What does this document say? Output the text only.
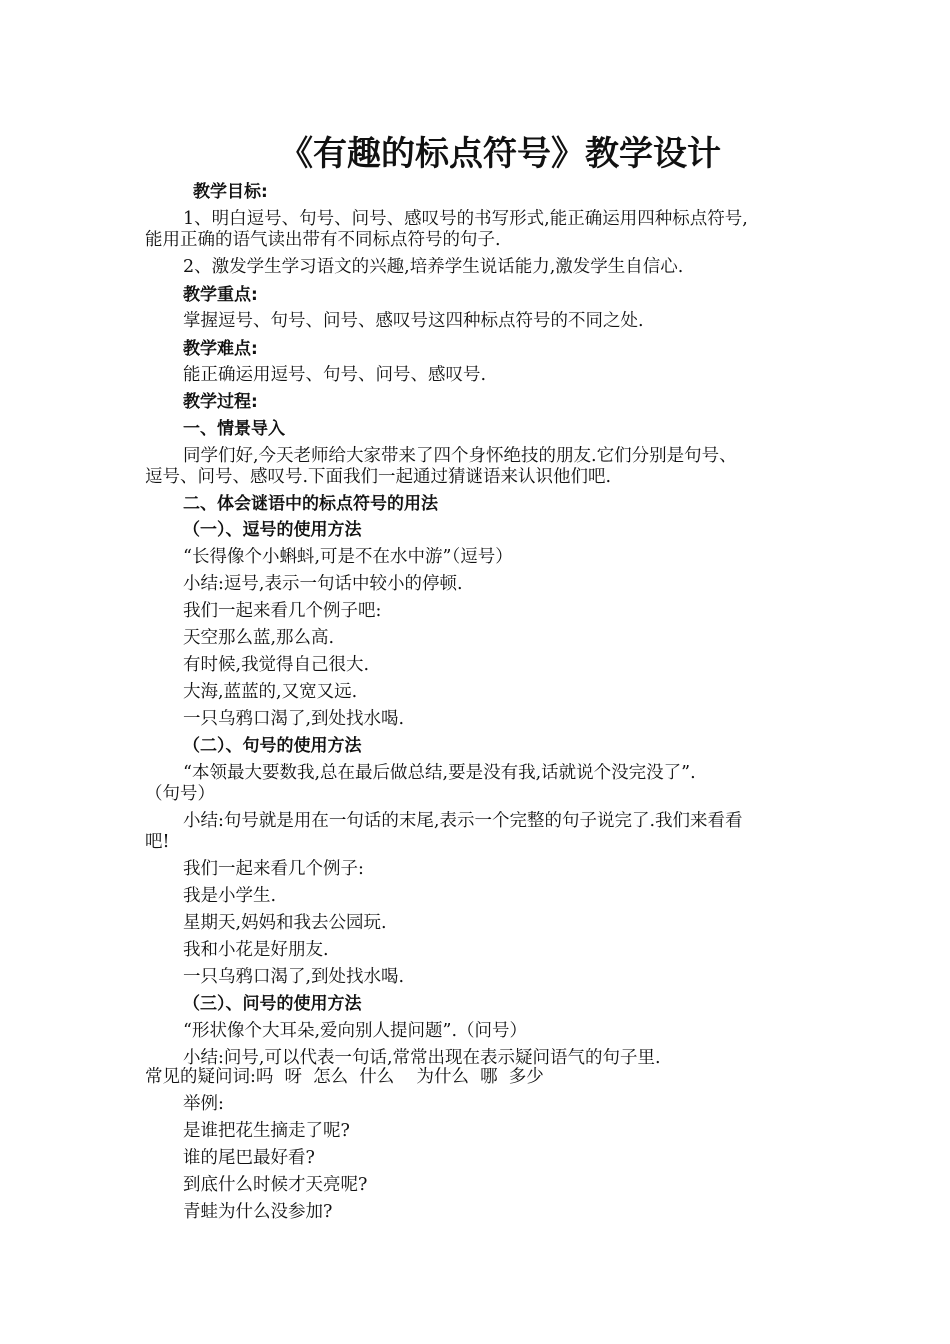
《有趣的标点符号》教学设计

教学目标:

1、明白逗号、句号、问号、感叹号的书写形式,能正确运用四种标点符号,

能用正确的语气读出带有不同标点符号的句子.

2、激发学生学习语文的兴趣,培养学生说话能力,激发学生自信心.

教学重点:

掌握逗号、句号、问号、感叹号这四种标点符号的不同之处.

教学难点:

能正确运用逗号、句号、问号、感叹号.

教学过程:

一、情景导入

同学们好,今天老师给大家带来了四个身怀绝技的朋友.它们分别是句号、

逗号、问号、感叹号.下面我们一起通过猜谜语来认识他们吧.

二、体会谜语中的标点符号的用法

（一）、逗号的使用方法

“长得像个小蝌蚪,可是不在水中游”（逗号）

小结:逗号,表示一句话中较小的停顿.

我们一起来看几个例子吧:

天空那么蓝,那么高.

有时候,我觉得自己很大.

大海,蓝蓝的,又宽又远.

一只乌鸦口渴了,到处找水喝.

（二）、句号的使用方法

“本领最大要数我,总在最后做总结,要是没有我,话就说个没完没了”.

（句号）

小结:句号就是用在一句话的末尾,表示一个完整的句子说完了.我们来看看

吧!

我们一起来看几个例子:

我是小学生.

星期天,妈妈和我去公园玩.

我和小花是好朋友.

一只乌鸦口渴了,到处找水喝.

（三）、问号的使用方法

“形状像个大耳朵,爱向别人提问题”.（问号）

小结:问号,可以代表一句话,常常出现在表示疑问语气的句子里.

常见的疑问词:吗  呀  怎么  什么    为什么  哪  多少

举例:

是谁把花生摘走了呢?

谁的尾巴最好看?

到底什么时候才天亮呢?

青蛙为什么没参加?
